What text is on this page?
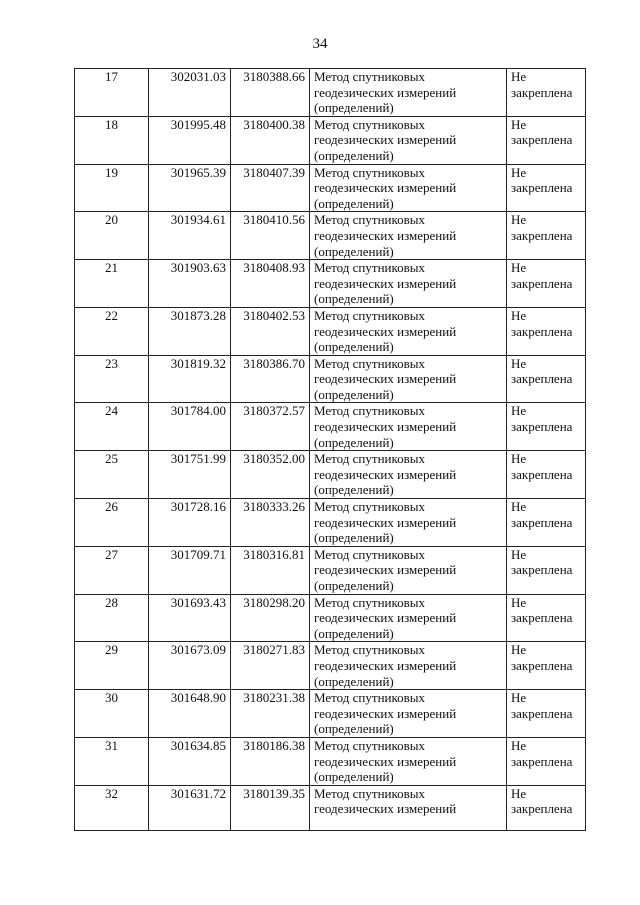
34
17	302031.03	3180388.66	Метод спутниковых
геодезических измерений
(определений)	Не
закреплена

18	301995.48	3180400.38	Метод спутниковых
геодезических измерений
(определений)	Не
закреплена

19	301965.39	3180407.39	Метод спутниковых
геодезических измерений
(определений)	Не
закреплена

20	301934.61	3180410.56	Метод спутниковых
геодезических измерений
(определений)	Не
закреплена

21	301903.63	3180408.93	Метод спутниковых
геодезических измерений
(определений)	Не
закреплена

22	301873.28	3180402.53	Метод спутниковых
геодезических измерений
(определений)	Не
закреплена

23	301819.32	3180386.70	Метод спутниковых
геодезических измерений
(определений)	Не
закреплена

24	301784.00	3180372.57	Метод спутниковых
геодезических измерений
(определений)	Не
закреплена

25	301751.99	3180352.00	Метод спутниковых
геодезических измерений
(определений)	Не
закреплена

26	301728.16	3180333.26	Метод спутниковых
геодезических измерений
(определений)	Не
закреплена

27	301709.71	3180316.81	Метод спутниковых
геодезических измерений
(определений)	Не
закреплена

28	301693.43	3180298.20	Метод спутниковых
геодезических измерений
(определений)	Не
закреплена

29	301673.09	3180271.83	Метод спутниковых
геодезических измерений
(определений)	Не
закреплена

30	301648.90	3180231.38	Метод спутниковых
геодезических измерений
(определений)	Не
закреплена

31	301634.85	3180186.38	Метод спутниковых
геодезических измерений
(определений)	Не
закреплена

32	301631.72	3180139.35	Метод спутниковых
геодезических измерений	Не
закреплена
